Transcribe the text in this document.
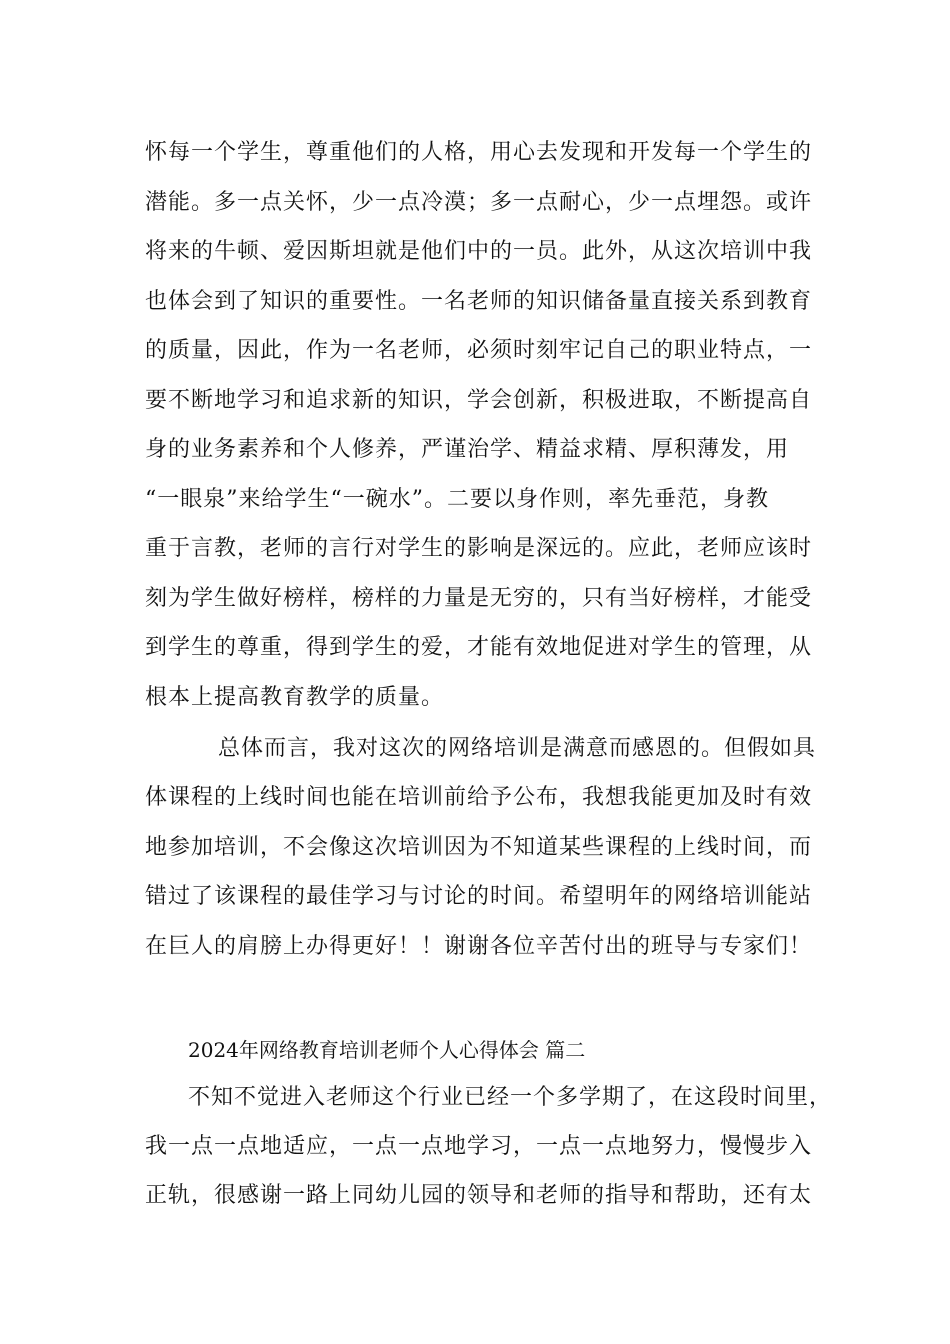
怀每一个学生，尊重他们的人格，用心去发现和开发每一个学生的
潜能。多一点关怀，少一点冷漠；多一点耐心，少一点埋怨。或许
将来的牛顿、爱因斯坦就是他们中的一员。此外，从这次培训中我
也体会到了知识的重要性。一名老师的知识储备量直接关系到教育
的质量，因此，作为一名老师，必须时刻牢记自己的职业特点，一
要不断地学习和追求新的知识，学会创新，积极进取，不断提高自
身的业务素养和个人修养，严谨治学、精益求精、厚积薄发，用
“一眼泉”来给学生“一碗水”。二要以身作则，率先垂范，身教
重于言教，老师的言行对学生的影响是深远的。应此，老师应该时
刻为学生做好榜样，榜样的力量是无穷的，只有当好榜样，才能受
到学生的尊重，得到学生的爱，才能有效地促进对学生的管理，从
根本上提高教育教学的质量。
总体而言，我对这次的网络培训是满意而感恩的。但假如具
体课程的上线时间也能在培训前给予公布，我想我能更加及时有效
地参加培训，不会像这次培训因为不知道某些课程的上线时间，而
错过了该课程的最佳学习与讨论的时间。希望明年的网络培训能站
在巨人的肩膀上办得更好！！谢谢各位辛苦付出的班导与专家们！
2024年网络教育培训老师个人心得体会 篇二
不知不觉进入老师这个行业已经一个多学期了，在这段时间里，
我一点一点地适应，一点一点地学习，一点一点地努力，慢慢步入
正轨，很感谢一路上同幼儿园的领导和老师的指导和帮助，还有太
